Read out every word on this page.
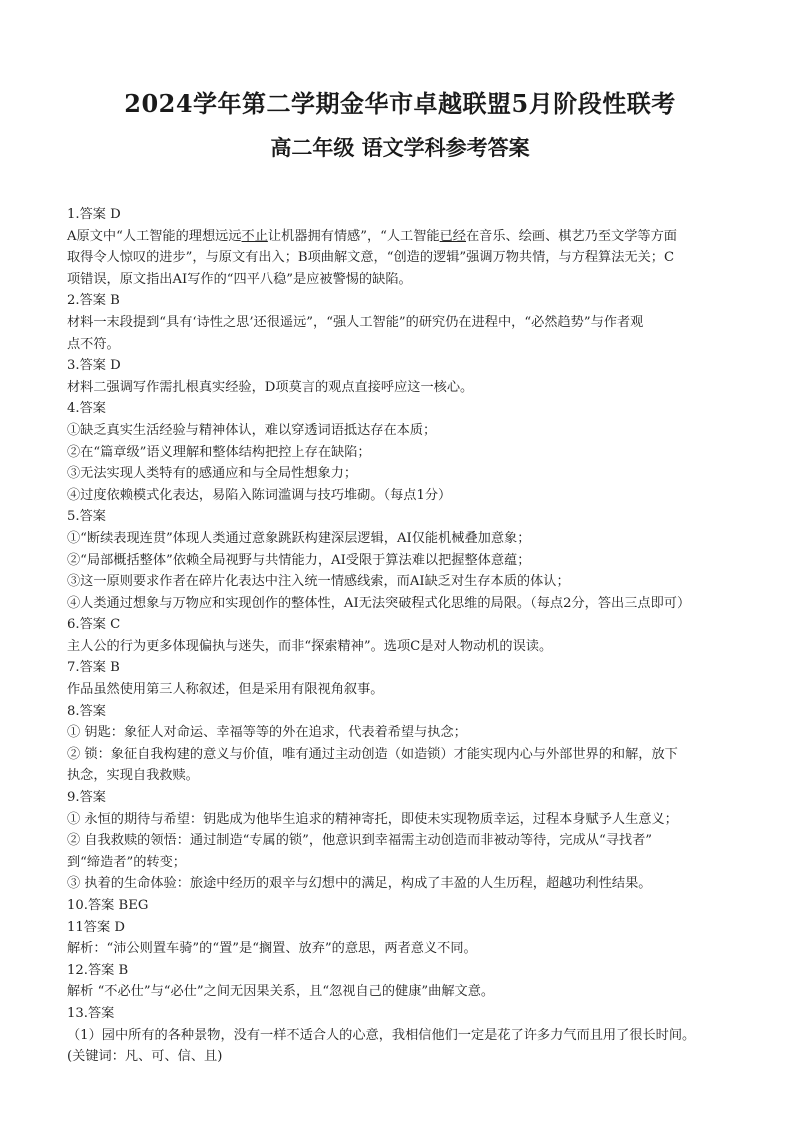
2024学年第二学期金华市卓越联盟5月阶段性联考
高二年级 语文学科参考答案
1.答案 D
A原文中“人工智能的理想远远不止让机器拥有情感”，“人工智能已经在音乐、绘画、棋艺乃至文学等方面
取得令人惊叹的进步”，与原文有出入；B项曲解文意，“创造的逻辑”强调万物共情，与方程算法无关；C
项错误，原文指出AI写作的“四平八稳”是应被警惕的缺陷。
2.答案 B
材料一末段提到“具有‘诗性之思’还很遥远”，“强人工智能”的研究仍在进程中，“必然趋势”与作者观
点不符。
3.答案 D
材料二强调写作需扎根真实经验，D项莫言的观点直接呼应这一核心。
4.答案
①缺乏真实生活经验与精神体认，难以穿透词语抵达存在本质；
②在“篇章级”语义理解和整体结构把控上存在缺陷；
③无法实现人类特有的感通应和与全局性想象力；
④过度依赖模式化表达，易陷入陈词滥调与技巧堆砌。（每点1分）
5.答案
①“断续表现连贯”体现人类通过意象跳跃构建深层逻辑，AI仅能机械叠加意象；
②“局部概括整体”依赖全局视野与共情能力，AI受限于算法难以把握整体意蕴；
③这一原则要求作者在碎片化表达中注入统一情感线索，而AI缺乏对生存本质的体认；
④人类通过想象与万物应和实现创作的整体性，AI无法突破程式化思维的局限。（每点2分，答出三点即可）
6.答案 C
主人公的行为更多体现偏执与迷失，而非“探索精神”。选项C是对人物动机的误读。
7.答案 B
作品虽然使用第三人称叙述，但是采用有限视角叙事。
8.答案
① 钥匙：象征人对命运、幸福等等的外在追求，代表着希望与执念；
② 锁：象征自我构建的意义与价值，唯有通过主动创造（如造锁）才能实现内心与外部世界的和解，放下
执念，实现自我救赎。
9.答案
① 永恒的期待与希望：钥匙成为他毕生追求的精神寄托，即使未实现物质幸运，过程本身赋予人生意义；
② 自我救赎的领悟：通过制造“专属的锁”，他意识到幸福需主动创造而非被动等待，完成从“寻找者”
到“缔造者”的转变；
③ 执着的生命体验：旅途中经历的艰辛与幻想中的满足，构成了丰盈的人生历程，超越功利性结果。
10.答案 BEG
11答案 D
解析：“沛公则置车骑”的“置”是“搁置、放弃”的意思，两者意义不同。
12.答案 B
解析 “不必仕”与“必仕”之间无因果关系，且“忽视自己的健康”曲解文意。
13.答案
（1）园中所有的各种景物，没有一样不适合人的心意，我相信他们一定是花了许多力气而且用了很长时间。
(关键词：凡、可、信、且)
